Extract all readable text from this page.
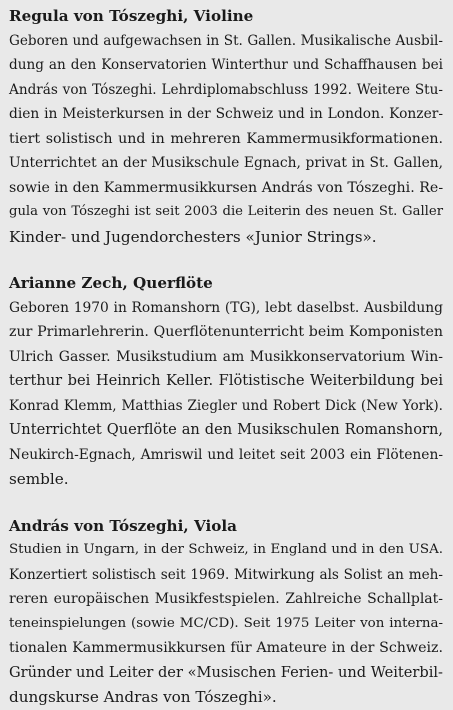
Regula von Tószeghi, Violine

Geboren und aufgewachsen in St. Gallen. Musikalische Ausbil-
dung an den Konservatorien Winterthur und Schaffhausen bei
András von Tószeghi. Lehrdiplomabschluss 1992. Weitere Stu-
dien in Meisterkursen in der Schweiz und in London. Konzer-
tiert solistisch und in mehreren Kammermusikformationen.
Unterrichtet an der Musikschule Egnach, privat in St. Gallen,
sowie in den Kammermusikkursen András von Tószeghi. Re-
gula von Tószeghi ist seit 2003 die Leiterin des neuen St. Galler
Kinder- und Jugendorchesters «Junior Strings».

Arianne Zech, Querflöte

Geboren 1970 in Romanshorn (TG), lebt daselbst. Ausbildung
zur Primarlehrerin. Querflötenunterricht beim Komponisten
Ulrich Gasser. Musikstudium am Musikkonservatorium Win-
terthur bei Heinrich Keller. Flötistische Weiterbildung bei
Konrad Klemm, Matthias Ziegler und Robert Dick (New York).
Unterrichtet Querflöte an den Musikschulen Romanshorn,
Neukirch-Egnach, Amriswil und leitet seit 2003 ein Flötenen-
semble.

András von Tószeghi, Viola

Studien in Ungarn, in der Schweiz, in England und in den USA.
Konzertiert solistisch seit 1969. Mitwirkung als Solist an meh-
reren europäischen Musikfestspielen. Zahlreiche Schallplat-
teneinspielungen (sowie MC/CD). Seit 1975 Leiter von interna-
tionalen Kammermusikkursen für Amateure in der Schweiz.
Gründer und Leiter der «Musischen Ferien- und Weiterbil-
dungskurse Andras von Tószeghi».
